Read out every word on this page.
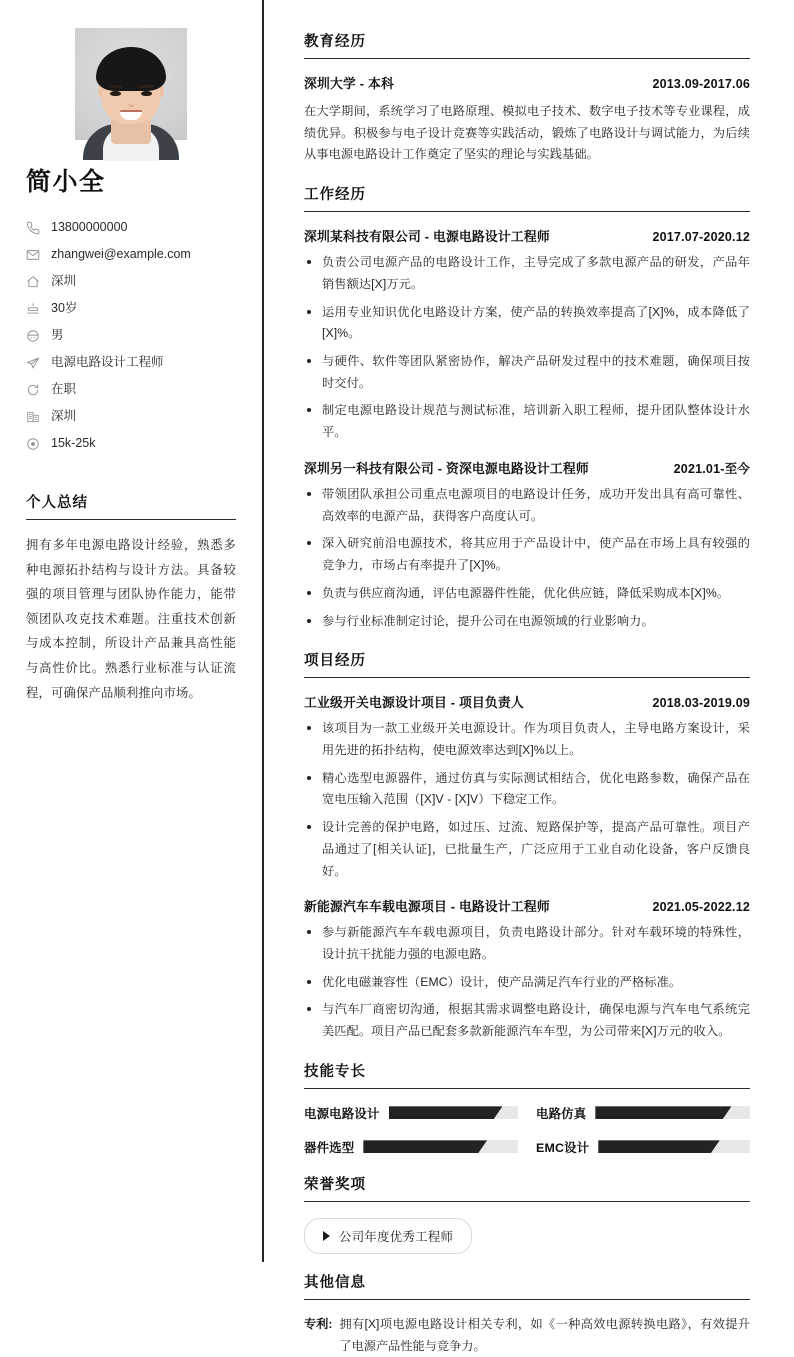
简小全
13800000000
zhangwei@example.com
深圳
30岁
男
电源电路设计工程师
在职
深圳
15k-25k
个人总结

拥有多年电源电路设计经验，熟悉多种电源拓扑结构与设计方法。具备较强的项目管理与团队协作能力，能带领团队攻克技术难题。注重技术创新与成本控制，所设计产品兼具高性能与高性价比。熟悉行业标准与认证流程，可确保产品顺利推向市场。

教育经历
深圳大学 - 本科	2013.09-2017.06

在大学期间，系统学习了电路原理、模拟电子技术、数字电子技术等专业课程，成绩优异。积极参与电子设计竞赛等实践活动，锻炼了电路设计与调试能力，为后续从事电源电路设计工作奠定了坚实的理论与实践基础。

工作经历
深圳某科技有限公司 - 电源电路设计工程师	2017.07-2020.12
负责公司电源产品的电路设计工作，主导完成了多款电源产品的研发，产品年销售额达[X]万元。
运用专业知识优化电路设计方案，使产品的转换效率提高了[X]%，成本降低了[X]%。
与硬件、软件等团队紧密协作，解决产品研发过程中的技术难题，确保项目按时交付。
制定电源电路设计规范与测试标准，培训新入职工程师，提升团队整体设计水平。
深圳另一科技有限公司 - 资深电源电路设计工程师	2021.01-至今
带领团队承担公司重点电源项目的电路设计任务，成功开发出具有高可靠性、高效率的电源产品，获得客户高度认可。
深入研究前沿电源技术，将其应用于产品设计中，使产品在市场上具有较强的竞争力，市场占有率提升了[X]%。
负责与供应商沟通，评估电源器件性能，优化供应链，降低采购成本[X]%。
参与行业标准制定讨论，提升公司在电源领域的行业影响力。
项目经历
工业级开关电源设计项目 - 项目负责人	2018.03-2019.09
该项目为一款工业级开关电源设计。作为项目负责人，主导电路方案设计，采用先进的拓扑结构，使电源效率达到[X]%以上。
精心选型电源器件，通过仿真与实际测试相结合，优化电路参数，确保产品在宽电压输入范围（[X]V - [X]V）下稳定工作。
设计完善的保护电路，如过压、过流、短路保护等，提高产品可靠性。项目产品通过了[相关认证]，已批量生产，广泛应用于工业自动化设备，客户反馈良好。
新能源汽车车载电源项目 - 电路设计工程师	2021.05-2022.12
参与新能源汽车车载电源项目，负责电路设计部分。针对车载环境的特殊性，设计抗干扰能力强的电源电路。
优化电磁兼容性（EMC）设计，使产品满足汽车行业的严格标准。
与汽车厂商密切沟通，根据其需求调整电路设计，确保电源与汽车电气系统完美匹配。项目产品已配套多款新能源汽车车型，为公司带来[X]万元的收入。
技能专长
电源电路设计	电路仿真
器件选型	EMC设计
荣誉奖项
公司年度优秀工程师
其他信息
专利: 拥有[X]项电源电路设计相关专利，如《一种高效电源转换电路》，有效提升了电源产品性能与竞争力。
